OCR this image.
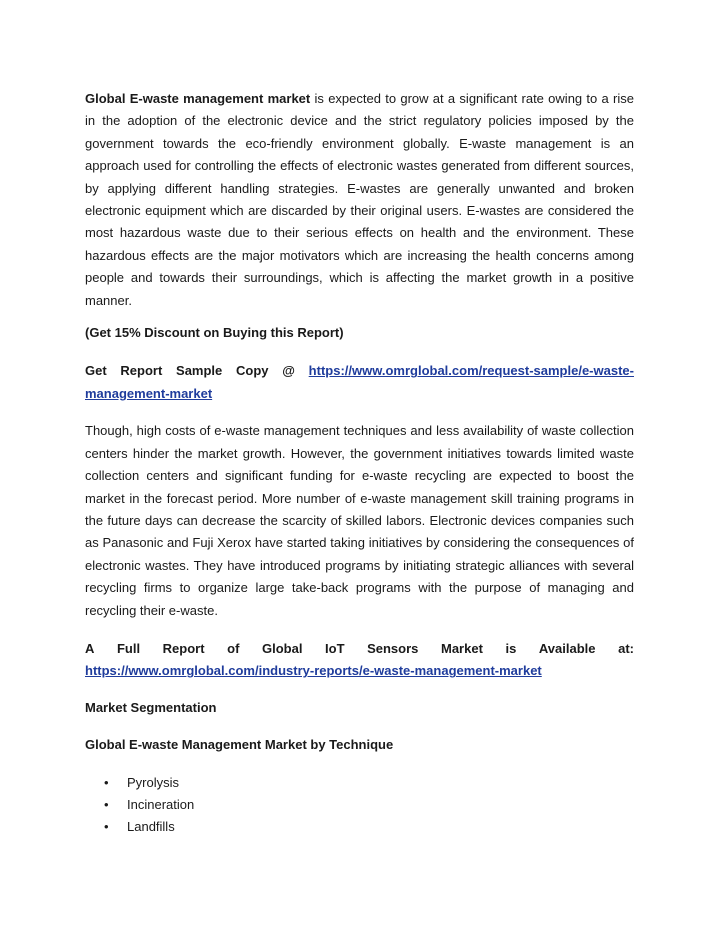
Global E-waste management market is expected to grow at a significant rate owing to a rise in the adoption of the electronic device and the strict regulatory policies imposed by the government towards the eco-friendly environment globally. E-waste management is an approach used for controlling the effects of electronic wastes generated from different sources, by applying different handling strategies. E-wastes are generally unwanted and broken electronic equipment which are discarded by their original users. E-wastes are considered the most hazardous waste due to their serious effects on health and the environment. These hazardous effects are the major motivators which are increasing the health concerns among people and towards their surroundings, which is affecting the market growth in a positive manner.

(Get 15% Discount on Buying this Report)

Get Report Sample Copy @ https://www.omrglobal.com/request-sample/e-waste-
management-market

Though, high costs of e-waste management techniques and less availability of waste collection centers hinder the market growth. However, the government initiatives towards limited waste collection centers and significant funding for e-waste recycling are expected to boost the market in the forecast period. More number of e-waste management skill training programs in the future days can decrease the scarcity of skilled labors. Electronic devices companies such as Panasonic and Fuji Xerox have started taking initiatives by considering the consequences of electronic wastes. They have introduced programs by initiating strategic alliances with several recycling firms to organize large take-back programs with the purpose of managing and recycling their e-waste.

A Full Report of Global IoT Sensors Market is Available at:
https://www.omrglobal.com/industry-reports/e-waste-management-market

Market Segmentation

Global E-waste Management Market by Technique

• Pyrolysis
• Incineration
• Landfills
